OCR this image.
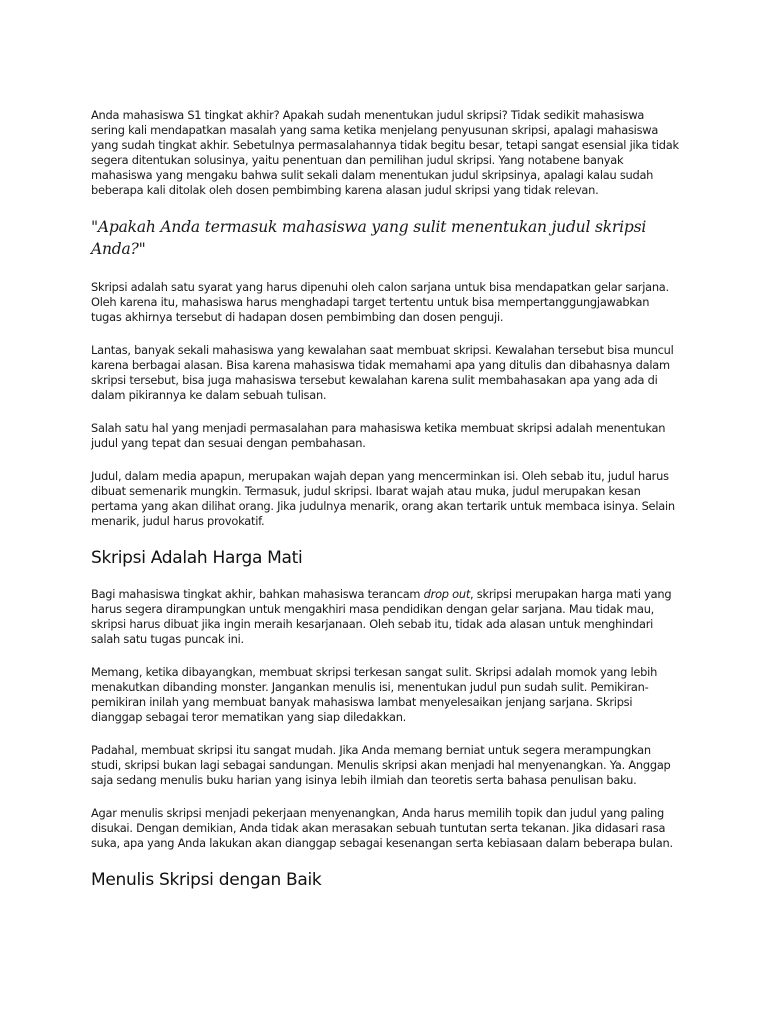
Anda mahasiswa S1 tingkat akhir? Apakah sudah menentukan judul skripsi? Tidak sedikit mahasiswa sering kali mendapatkan masalah yang sama ketika menjelang penyusunan skripsi, apalagi mahasiswa yang sudah tingkat akhir. Sebetulnya permasalahannya tidak begitu besar, tetapi sangat esensial jika tidak segera ditentukan solusinya, yaitu penentuan dan pemilihan judul skripsi. Yang notabene banyak mahasiswa yang mengaku bahwa sulit sekali dalam menentukan judul skripsinya, apalagi kalau sudah beberapa kali ditolak oleh dosen pembimbing karena alasan judul skripsi yang tidak relevan.

"Apakah Anda termasuk mahasiswa yang sulit menentukan judul skripsi Anda?"

Skripsi adalah satu syarat yang harus dipenuhi oleh calon sarjana untuk bisa mendapatkan gelar sarjana. Oleh karena itu, mahasiswa harus menghadapi target tertentu untuk bisa mempertanggungjawabkan tugas akhirnya tersebut di hadapan dosen pembimbing dan dosen penguji.

Lantas, banyak sekali mahasiswa yang kewalahan saat membuat skripsi. Kewalahan tersebut bisa muncul karena berbagai alasan. Bisa karena mahasiswa tidak memahami apa yang ditulis dan dibahasnya dalam skripsi tersebut, bisa juga mahasiswa tersebut kewalahan karena sulit membahasakan apa yang ada di dalam pikirannya ke dalam sebuah tulisan.

Salah satu hal yang menjadi permasalahan para mahasiswa ketika membuat skripsi adalah menentukan judul yang tepat dan sesuai dengan pembahasan.

Judul, dalam media apapun, merupakan wajah depan yang mencerminkan isi. Oleh sebab itu, judul harus dibuat semenarik mungkin. Termasuk, judul skripsi. Ibarat wajah atau muka, judul merupakan kesan pertama yang akan dilihat orang. Jika judulnya menarik, orang akan tertarik untuk membaca isinya. Selain menarik, judul harus provokatif.

Skripsi Adalah Harga Mati

Bagi mahasiswa tingkat akhir, bahkan mahasiswa terancam drop out, skripsi merupakan harga mati yang harus segera dirampungkan untuk mengakhiri masa pendidikan dengan gelar sarjana. Mau tidak mau, skripsi harus dibuat jika ingin meraih kesarjanaan. Oleh sebab itu, tidak ada alasan untuk menghindari salah satu tugas puncak ini.

Memang, ketika dibayangkan, membuat skripsi terkesan sangat sulit. Skripsi adalah momok yang lebih menakutkan dibanding monster. Jangankan menulis isi, menentukan judul pun sudah sulit. Pemikiran-pemikiran inilah yang membuat banyak mahasiswa lambat menyelesaikan jenjang sarjana. Skripsi dianggap sebagai teror mematikan yang siap diledakkan.

Padahal, membuat skripsi itu sangat mudah. Jika Anda memang berniat untuk segera merampungkan studi, skripsi bukan lagi sebagai sandungan. Menulis skripsi akan menjadi hal menyenangkan. Ya. Anggap saja sedang menulis buku harian yang isinya lebih ilmiah dan teoretis serta bahasa penulisan baku.

Agar menulis skripsi menjadi pekerjaan menyenangkan, Anda harus memilih topik dan judul yang paling disukai. Dengan demikian, Anda tidak akan merasakan sebuah tuntutan serta tekanan. Jika didasari rasa suka, apa yang Anda lakukan akan dianggap sebagai kesenangan serta kebiasaan dalam beberapa bulan.

Menulis Skripsi dengan Baik
